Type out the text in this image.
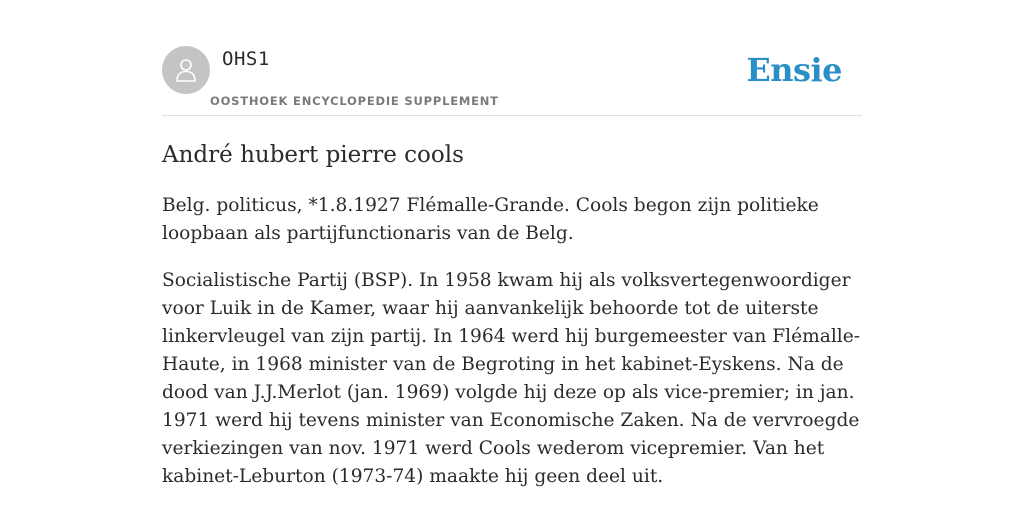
OHS1
OOSTHOEK ENCYCLOPEDIE SUPPLEMENT
Ensie
André hubert pierre cools

Belg. politicus, *1.8.1927 Flémalle-Grande. Cools begon zijn politieke loopbaan als partijfunctionaris van de Belg.

Socialistische Partij (BSP). In 1958 kwam hij als volksvertegenwoordiger voor Luik in de Kamer, waar hij aanvankelijk behoorde tot de uiterste linkervleugel van zijn partij. In 1964 werd hij burgemeester van Flémalle-Haute, in 1968 minister van de Begroting in het kabinet-Eyskens. Na de dood van J.J.Merlot (jan. 1969) volgde hij deze op als vice-premier; in jan. 1971 werd hij tevens minister van Economische Zaken. Na de vervroegde verkiezingen van nov. 1971 werd Cools wederom vicepremier. Van het kabinet-Leburton (1973-74) maakte hij geen deel uit.
